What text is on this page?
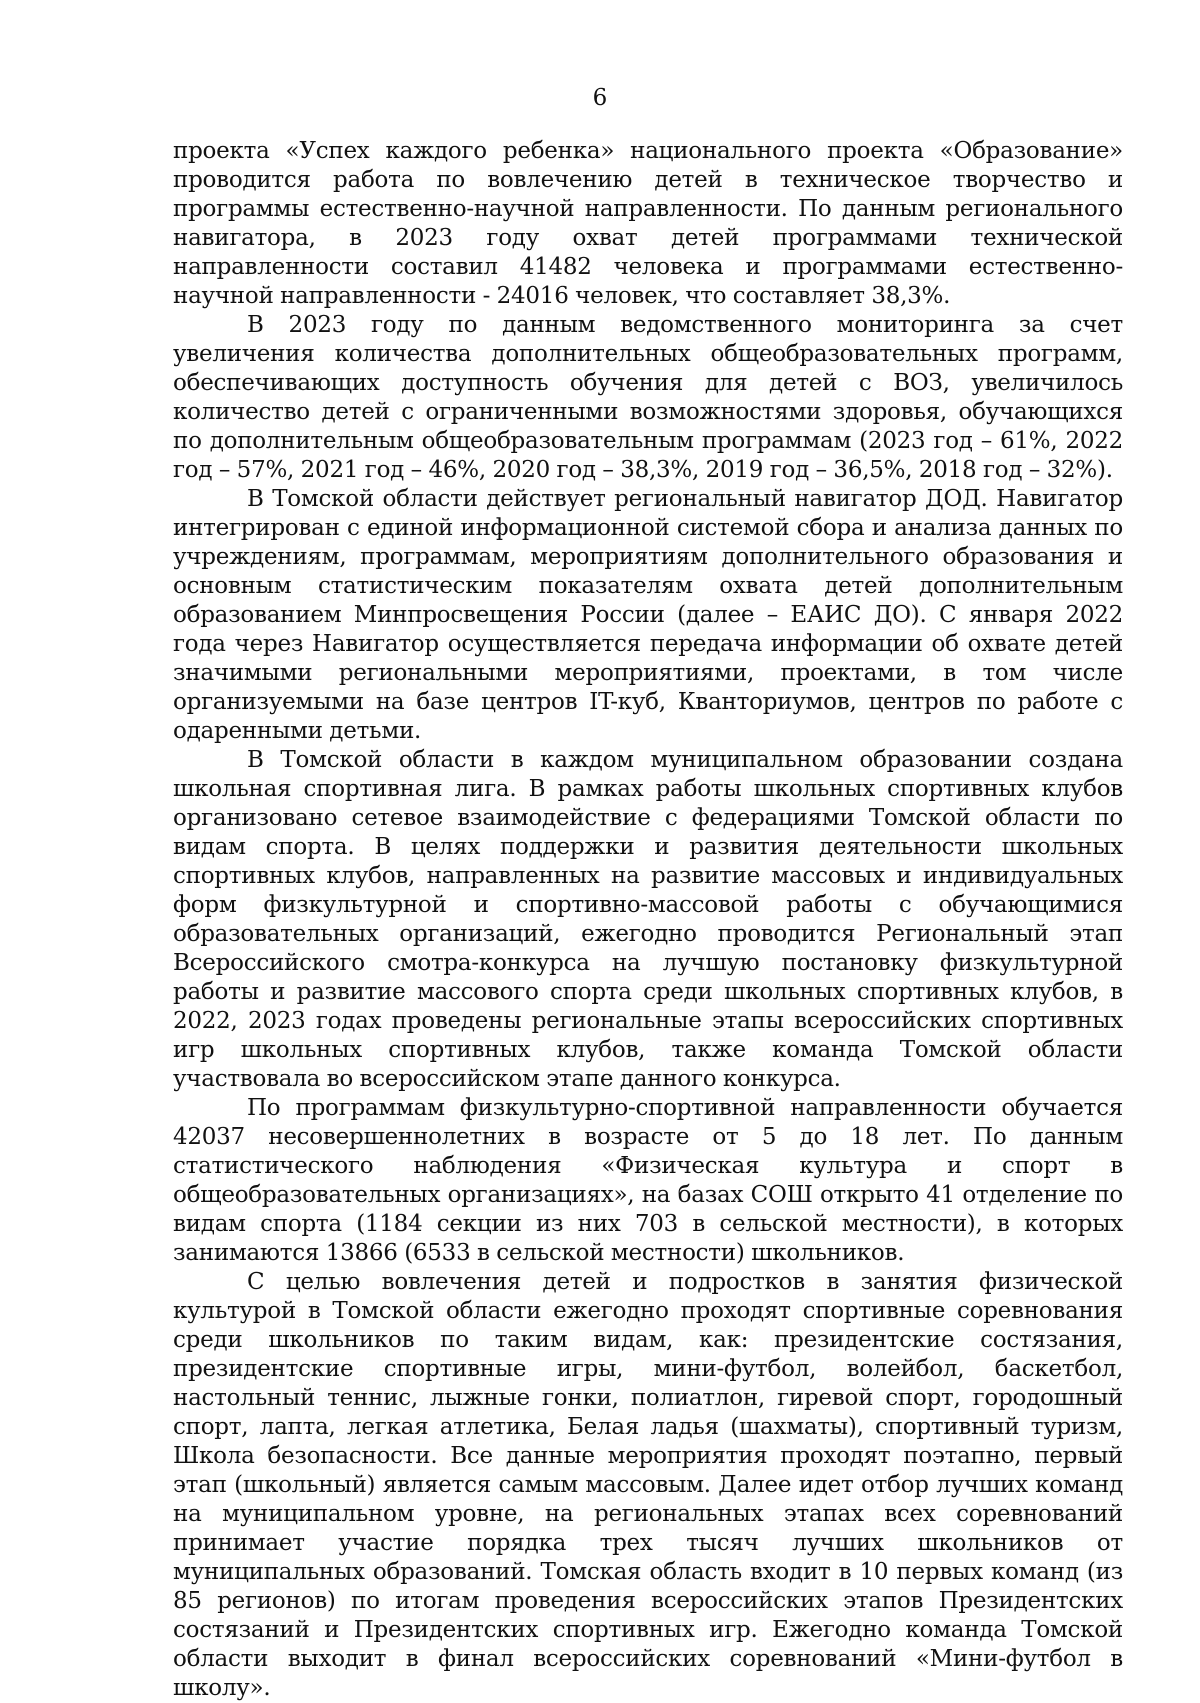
6

проекта «Успех каждого ребенка» национального проекта «Образование» проводится работа по вовлечению детей в техническое творчество и программы естественно-научной направленности. По данным регионального навигатора, в 2023 году охват детей программами технической направленности составил 41482 человека и программами естественно-научной направленности - 24016 человек, что составляет 38,3%.

В 2023 году по данным ведомственного мониторинга за счет увеличения количества дополнительных общеобразовательных программ, обеспечивающих доступность обучения для детей с ВОЗ, увеличилось количество детей с ограниченными возможностями здоровья, обучающихся по дополнительным общеобразовательным программам (2023 год – 61%, 2022 год – 57%, 2021 год – 46%, 2020 год – 38,3%, 2019 год – 36,5%, 2018 год – 32%).

В Томской области действует региональный навигатор ДОД. Навигатор интегрирован с единой информационной системой сбора и анализа данных по учреждениям, программам, мероприятиям дополнительного образования и основным статистическим показателям охвата детей дополнительным образованием Минпросвещения России (далее – ЕАИС ДО). С января 2022 года через Навигатор осуществляется передача информации об охвате детей значимыми региональными мероприятиями, проектами, в том числе организуемыми на базе центров IT-куб, Кванториумов, центров по работе с одаренными детьми.

В Томской области в каждом муниципальном образовании создана школьная спортивная лига. В рамках работы школьных спортивных клубов организовано сетевое взаимодействие с федерациями Томской области по видам спорта. В целях поддержки и развития деятельности школьных спортивных клубов, направленных на развитие массовых и индивидуальных форм физкультурной и спортивно-массовой работы с обучающимися образовательных организаций, ежегодно проводится Региональный этап Всероссийского смотра-конкурса на лучшую постановку физкультурной работы и развитие массового спорта среди школьных спортивных клубов, в 2022, 2023 годах проведены региональные этапы всероссийских спортивных игр школьных спортивных клубов, также команда Томской области участвовала во всероссийском этапе данного конкурса.

По программам физкультурно-спортивной направленности обучается 42037 несовершеннолетних в возрасте от 5 до 18 лет. По данным статистического наблюдения «Физическая культура и спорт в общеобразовательных организациях», на базах СОШ открыто 41 отделение по видам спорта (1184 секции из них 703 в сельской местности), в которых занимаются 13866 (6533 в сельской местности) школьников.

С целью вовлечения детей и подростков в занятия физической культурой в Томской области ежегодно проходят спортивные соревнования среди школьников по таким видам, как: президентские состязания, президентские спортивные игры, мини-футбол, волейбол, баскетбол, настольный теннис, лыжные гонки, полиатлон, гиревой спорт, городошный спорт, лапта, легкая атлетика, Белая ладья (шахматы), спортивный туризм, Школа безопасности. Все данные мероприятия проходят поэтапно, первый этап (школьный) является самым массовым. Далее идет отбор лучших команд на муниципальном уровне, на региональных этапах всех соревнований принимает участие порядка трех тысяч лучших школьников от муниципальных образований. Томская область входит в 10 первых команд (из 85 регионов) по итогам проведения всероссийских этапов Президентских состязаний и Президентских спортивных игр. Ежегодно команда Томской области выходит в финал всероссийских соревнований «Мини-футбол в школу».
